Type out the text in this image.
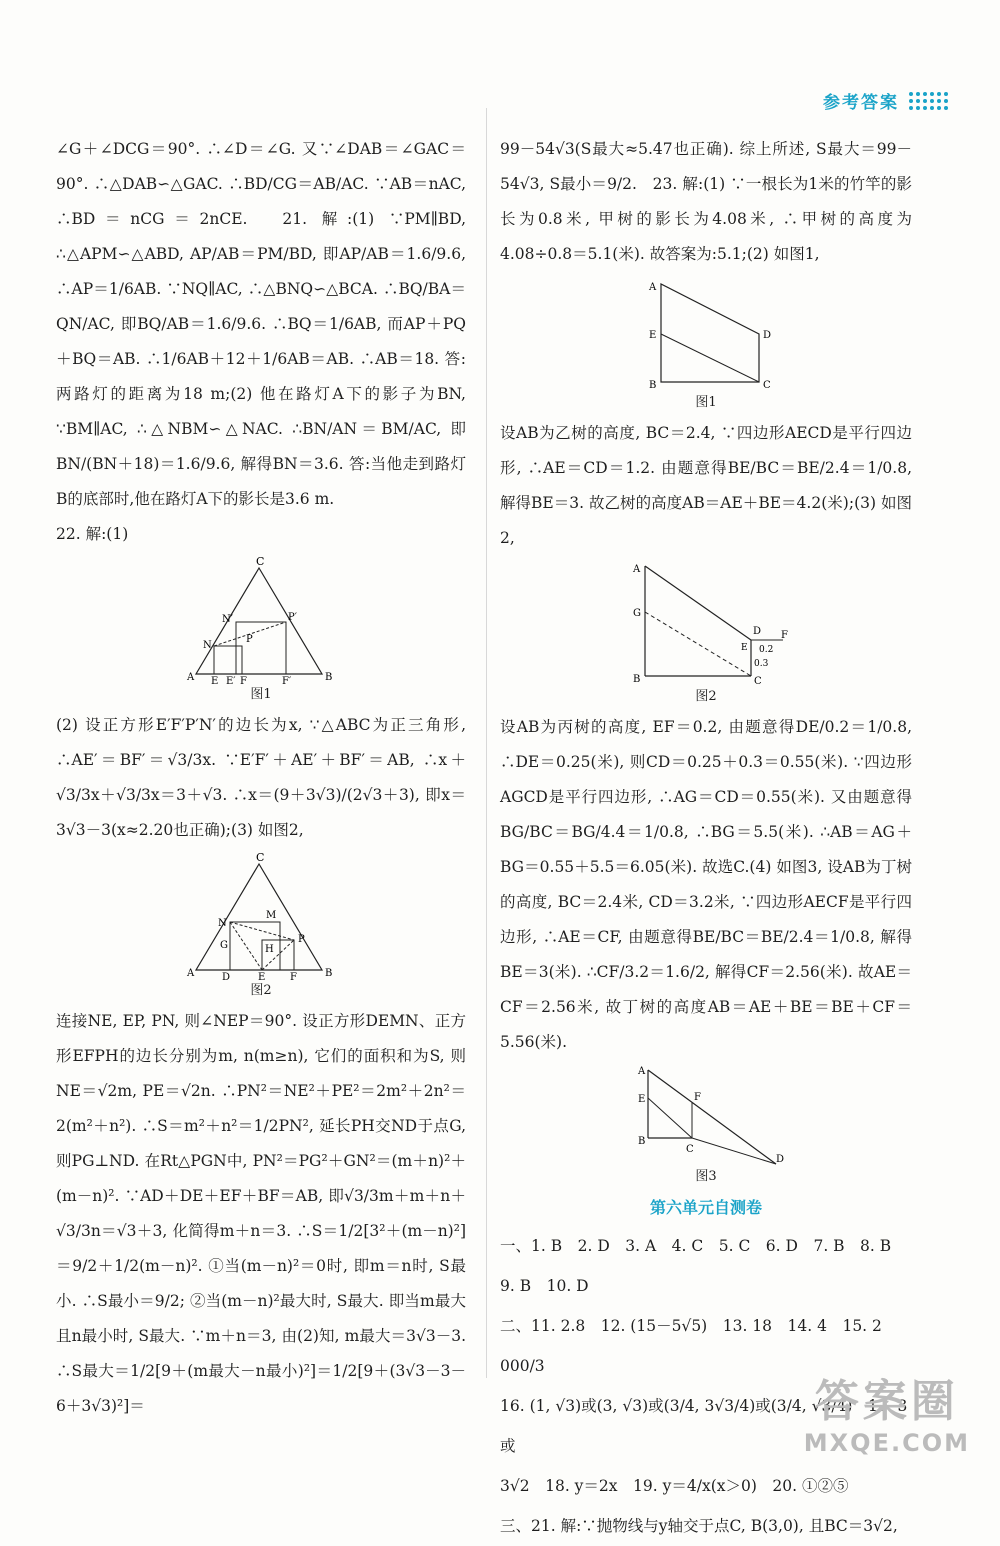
参考答案

∠G＋∠DCG＝90°. ∴∠D＝∠G. 又∵∠DAB＝∠GAC＝90°. ∴△DAB∽△GAC. ∴BD/CG＝AB/AC. ∵AB＝nAC, ∴BD＝nCG＝2nCE.　21. 解:(1) ∵PM∥BD, ∴△APM∽△ABD, AP/AB＝PM/BD, 即AP/AB＝1.6/9.6, ∴AP＝1/6AB. ∵NQ∥AC, ∴△BNQ∽△BCA. ∴BQ/BA＝QN/AC, 即BQ/AB＝1.6/9.6. ∴BQ＝1/6AB, 而AP＋PQ＋BQ＝AB. ∴1/6AB＋12＋1/6AB＝AB. ∴AB＝18. 答:两路灯的距离为18 m;(2) 他在路灯A下的影子为BN, ∵BM∥AC, ∴△NBM∽△NAC. ∴BN/AN＝BM/AC, 即BN/(BN＋18)＝1.6/9.6, 解得BN＝3.6. 答:当他走到路灯B的底部时,他在路灯A下的影长是3.6 m.

22. 解:(1)

C
N′	P′
N
P
A E E′ F	F′	B
图1

(2) 设正方形E′F′P′N′的边长为x, ∵△ABC为正三角形, ∴AE′＝BF′＝√3/3x. ∵E′F′＋AE′＋BF′＝AB, ∴x＋√3/3x＋√3/3x＝3＋√3. ∴x＝(9＋3√3)/(2√3＋3), 即x＝3√3－3(x≈2.20也正确);(3) 如图2,

C
N
M
P
G	H
A	D	E F	B
图2

连接NE, EP, PN, 则∠NEP＝90°. 设正方形DEMN、正方形EFPH的边长分别为m, n(m≥n), 它们的面积和为S, 则NE＝√2m, PE＝√2n. ∴PN²＝NE²＋PE²＝2m²＋2n²＝2(m²＋n²). ∴S＝m²＋n²＝1/2PN², 延长PH交ND于点G, 则PG⊥ND. 在Rt△PGN中, PN²＝PG²＋GN²＝(m＋n)²＋(m－n)². ∵AD＋DE＋EF＋BF＝AB, 即√3/3m＋m＋n＋√3/3n＝√3＋3, 化简得m＋n＝3. ∴S＝1/2[3²＋(m－n)²]＝9/2＋1/2(m－n)². ①当(m－n)²＝0时, 即m＝n时, S最小. ∴S最小＝9/2; ②当(m－n)²最大时, S最大. 即当m最大且n最小时, S最大. ∵m＋n＝3, 由(2)知, m最大＝3√3－3. ∴S最大＝1/2[9＋(m最大－n最小)²]＝1/2[9＋(3√3－3－6＋3√3)²]＝

99－54√3(S最大≈5.47也正确). 综上所述, S最大＝99－54√3, S最小＝9/2.　23. 解:(1) ∵一根长为1米的竹竿的影长为0.8米, 甲树的影长为4.08米, ∴甲树的高度为4.08÷0.8＝5.1(米). 故答案为:5.1;(2) 如图1,

A
E	D
B	C
图1

设AB为乙树的高度, BC＝2.4, ∵四边形AECD是平行四边形, ∴AE＝CD＝1.2. 由题意得BE/BC＝BE/2.4＝1/0.8, 解得BE＝3. 故乙树的高度AB＝AE＋BE＝4.2(米);(3) 如图2,

A
G
D
E 0.2
F
0.3
B	C
图2

设AB为丙树的高度, EF＝0.2, 由题意得DE/0.2＝1/0.8, ∴DE＝0.25(米), 则CD＝0.25＋0.3＝0.55(米). ∵四边形AGCD是平行四边形, ∴AG＝CD＝0.55(米). 又由题意得BG/BC＝BG/4.4＝1/0.8, ∴BG＝5.5(米). ∴AB＝AG＋BG＝0.55＋5.5＝6.05(米). 故选C.(4) 如图3, 设AB为丁树的高度, BC＝2.4米, CD＝3.2米, ∵四边形AECF是平行四边形, ∴AE＝CF, 由题意得BE/BC＝BE/2.4＝1/0.8, 解得BE＝3(米). ∴CF/3.2＝1.6/2, 解得CF＝2.56(米). 故AE＝CF＝2.56米, 故丁树的高度AB＝AE＋BE＝BE＋CF＝5.56(米).

A
E	F
B
C
D
图3
第六单元自测卷
一、1. B　2. D　3. A　4. C　5. C　6. D　7. B　8. B
9. B　10. D
二、11. 2.8　12. (15－5√5)　13. 18　14. 4　15. 2 000/3
16. (1, √3)或(3, √3)或(3/4, 3√3/4)或(3/4, √3/4)　17. 3或
3√2　18. y＝2x　19. y＝4/x(x＞0)　20. ①②⑤
三、21. 解:∵抛物线与y轴交于点C, B(3,0), 且BC＝3√2,
答案圈
MXQE.COM
